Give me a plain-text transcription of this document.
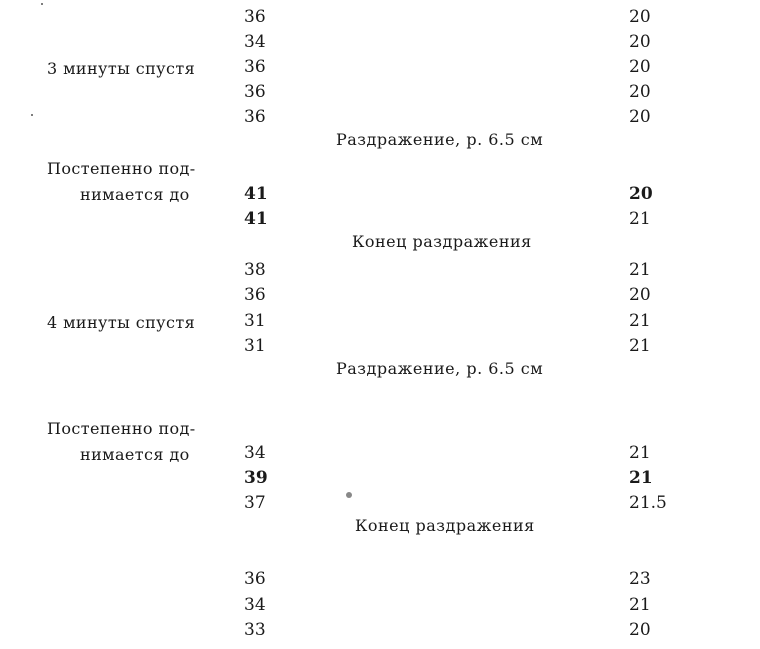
36	20
34	20
3 минуты спустя	36	20
36	20
36	20
Раздражение, р. 6.5 см
Постепенно под-
нимается до	41	20
41	21
Конец раздражения
38	21
36	20
4 минуты спустя	31	21
31	21
Раздражение, р. 6.5 см
Постепенно под-
нимается до	34	21
39	21
37	21.5
Конец раздражения
36	23
34	21
33	20
